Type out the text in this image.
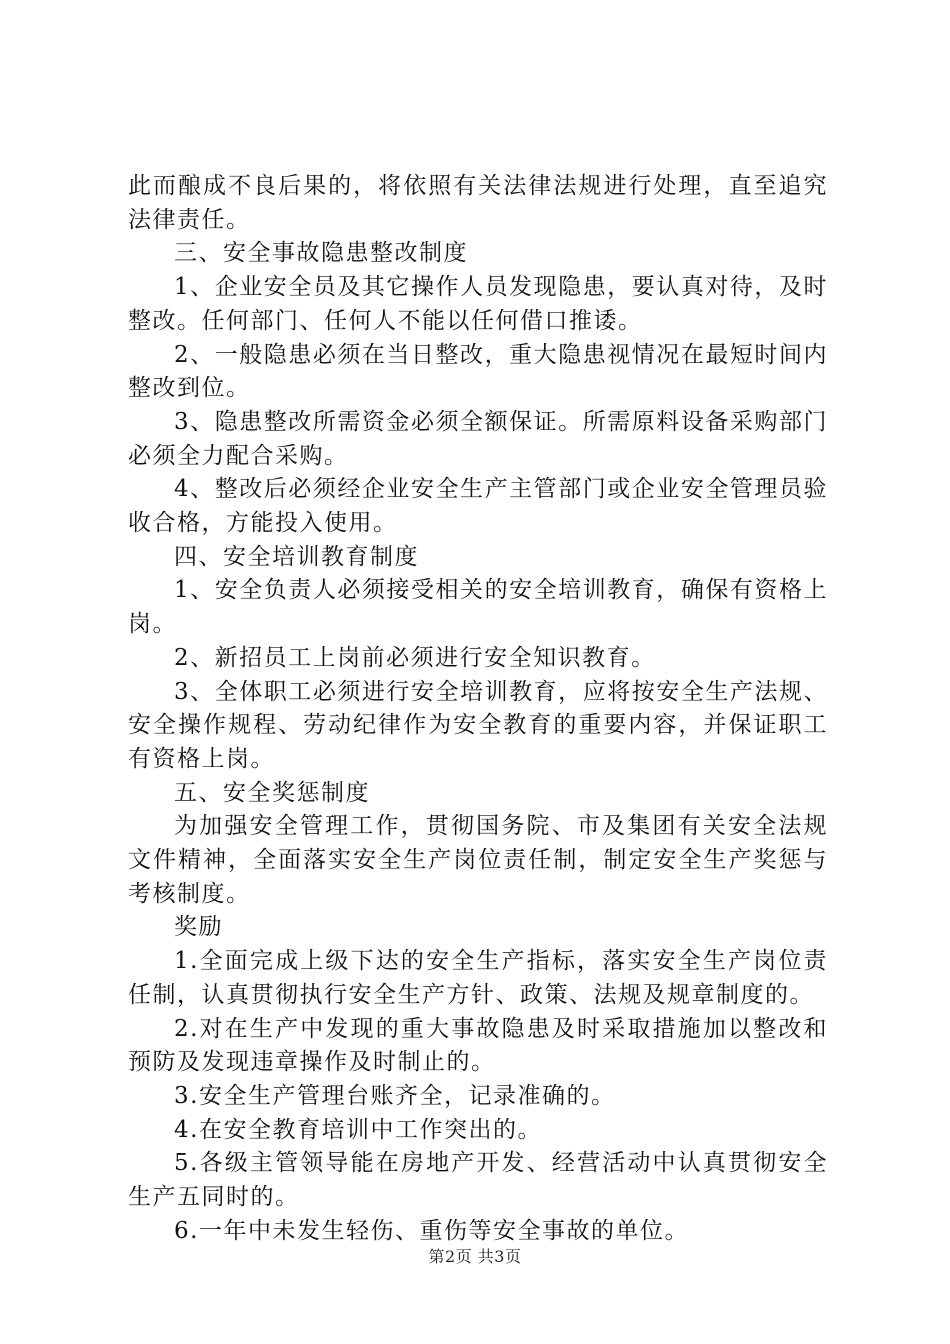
此而酿成不良后果的，将依照有关法律法规进行处理，直至追究法律责任。

三、安全事故隐患整改制度

1、企业安全员及其它操作人员发现隐患，要认真对待，及时整改。任何部门、任何人不能以任何借口推诿。

2、一般隐患必须在当日整改，重大隐患视情况在最短时间内整改到位。

3、隐患整改所需资金必须全额保证。所需原料设备采购部门必须全力配合采购。

4、整改后必须经企业安全生产主管部门或企业安全管理员验收合格，方能投入使用。

四、安全培训教育制度

1、安全负责人必须接受相关的安全培训教育，确保有资格上岗。

2、新招员工上岗前必须进行安全知识教育。

3、全体职工必须进行安全培训教育，应将按安全生产法规、安全操作规程、劳动纪律作为安全教育的重要内容，并保证职工有资格上岗。

五、安全奖惩制度

为加强安全管理工作，贯彻国务院、市及集团有关安全法规文件精神，全面落实安全生产岗位责任制，制定安全生产奖惩与考核制度。

奖励

1.全面完成上级下达的安全生产指标，落实安全生产岗位责任制，认真贯彻执行安全生产方针、政策、法规及规章制度的。

2.对在生产中发现的重大事故隐患及时采取措施加以整改和预防及发现违章操作及时制止的。

3.安全生产管理台账齐全，记录准确的。

4.在安全教育培训中工作突出的。

5.各级主管领导能在房地产开发、经营活动中认真贯彻安全生产五同时的。

6.一年中未发生轻伤、重伤等安全事故的单位。

第2页 共3页
